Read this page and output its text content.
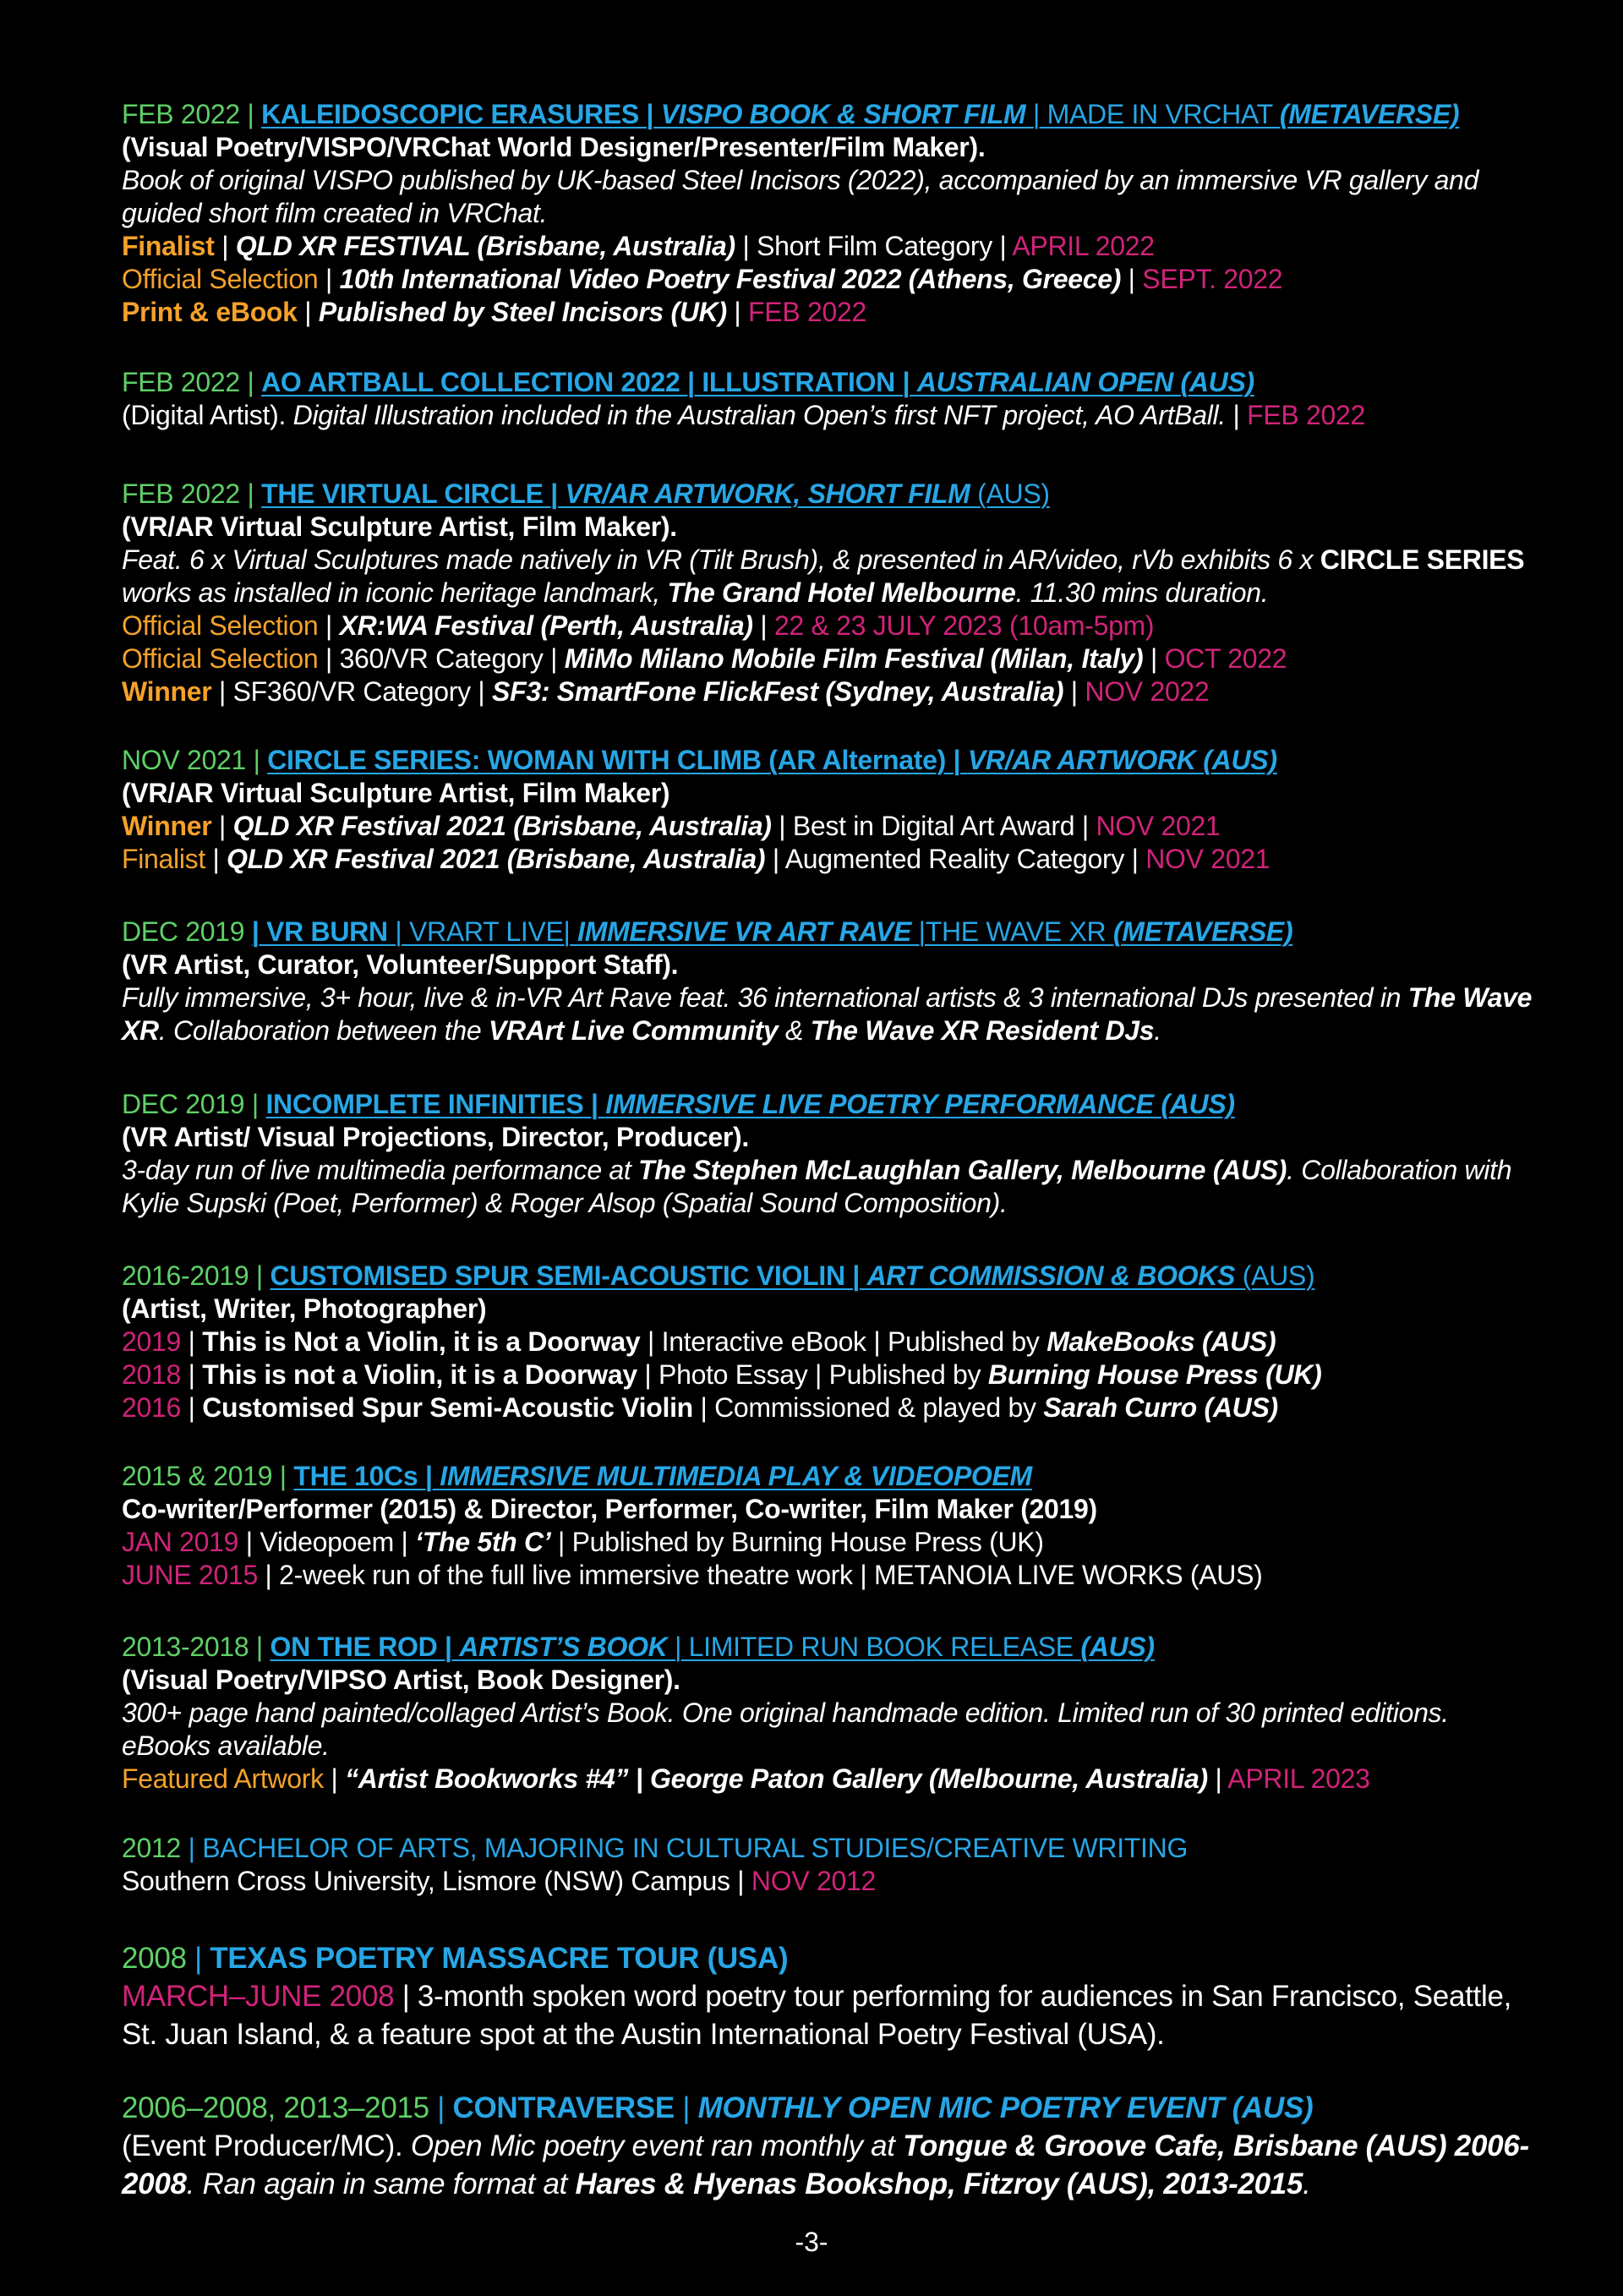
FEB 2022 | KALEIDOSCOPIC ERASURES | VISPO BOOK & SHORT FILM | MADE IN VRCHAT (METAVERSE)
(Visual Poetry/VISPO/VRChat World Designer/Presenter/Film Maker).
Book of original VISPO published by UK-based Steel Incisors (2022), accompanied by an immersive VR gallery and guided short film created in VRChat.
Finalist | QLD XR FESTIVAL (Brisbane, Australia) | Short Film Category | APRIL 2022
Official Selection | 10th International Video Poetry Festival 2022 (Athens, Greece) | SEPT. 2022
Print & eBook | Published by Steel Incisors (UK) | FEB 2022
FEB 2022 | AO ARTBALL COLLECTION 2022 | ILLUSTRATION | AUSTRALIAN OPEN (AUS)
(Digital Artist). Digital Illustration included in the Australian Open’s first NFT project, AO ArtBall. | FEB 2022
FEB 2022 | THE VIRTUAL CIRCLE | VR/AR ARTWORK, SHORT FILM (AUS)
(VR/AR Virtual Sculpture Artist, Film Maker).
Feat. 6 x Virtual Sculptures made natively in VR (Tilt Brush), & presented in AR/video, rVb exhibits 6 x CIRCLE SERIES works as installed in iconic heritage landmark, The Grand Hotel Melbourne. 11.30 mins duration.
Official Selection | XR:WA Festival (Perth, Australia) | 22 & 23 JULY 2023 (10am-5pm)
Official Selection | 360/VR Category | MiMo Milano Mobile Film Festival (Milan, Italy) | OCT 2022
Winner | SF360/VR Category | SF3: SmartFone FlickFest (Sydney, Australia) | NOV 2022
NOV 2021 | CIRCLE SERIES: WOMAN WITH CLIMB (AR Alternate) | VR/AR ARTWORK (AUS)
(VR/AR Virtual Sculpture Artist, Film Maker)
Winner | QLD XR Festival 2021 (Brisbane, Australia) | Best in Digital Art Award | NOV 2021
Finalist | QLD XR Festival 2021 (Brisbane, Australia) | Augmented Reality Category | NOV 2021
DEC 2019 | VR BURN | VRART LIVE| IMMERSIVE VR ART RAVE |THE WAVE XR (METAVERSE)
(VR Artist, Curator, Volunteer/Support Staff).
Fully immersive, 3+ hour, live & in-VR Art Rave feat. 36 international artists & 3 international DJs presented in The Wave XR. Collaboration between the VRArt Live Community & The Wave XR Resident DJs.
DEC 2019 | INCOMPLETE INFINITIES | IMMERSIVE LIVE POETRY PERFORMANCE (AUS)
(VR Artist/ Visual Projections, Director, Producer).
3-day run of live multimedia performance at The Stephen McLaughlan Gallery, Melbourne (AUS). Collaboration with Kylie Supski (Poet, Performer) & Roger Alsop (Spatial Sound Composition).
2016-2019 | CUSTOMISED SPUR SEMI-ACOUSTIC VIOLIN | ART COMMISSION & BOOKS (AUS)
(Artist, Writer, Photographer)
2019 | This is Not a Violin, it is a Doorway | Interactive eBook | Published by MakeBooks (AUS)
2018 | This is not a Violin, it is a Doorway | Photo Essay | Published by Burning House Press (UK)
2016 | Customised Spur Semi-Acoustic Violin | Commissioned & played by Sarah Curro (AUS)
2015 & 2019 | THE 10Cs | IMMERSIVE MULTIMEDIA PLAY & VIDEOPOEM
Co-writer/Performer (2015) & Director, Performer, Co-writer, Film Maker (2019)
JAN 2019 | Videopoem | ‘The 5th C’ | Published by Burning House Press (UK)
JUNE 2015 | 2-week run of the full live immersive theatre work | METANOIA LIVE WORKS (AUS)
2013-2018 | ON THE ROD | ARTIST’S BOOK | LIMITED RUN BOOK RELEASE (AUS)
(Visual Poetry/VIPSO Artist, Book Designer).
300+ page hand painted/collaged Artist’s Book. One original handmade edition. Limited run of 30 printed editions. eBooks available.
Featured Artwork | “Artist Bookworks #4” | George Paton Gallery (Melbourne, Australia) | APRIL 2023
2012 | BACHELOR OF ARTS, MAJORING IN CULTURAL STUDIES/CREATIVE WRITING
Southern Cross University, Lismore (NSW) Campus | NOV 2012
2008 | TEXAS POETRY MASSACRE TOUR (USA)
MARCH–JUNE 2008 | 3-month spoken word poetry tour performing for audiences in San Francisco, Seattle, St. Juan Island, & a feature spot at the Austin International Poetry Festival (USA).
2006–2008, 2013–2015 | CONTRAVERSE | MONTHLY OPEN MIC POETRY EVENT (AUS)
(Event Producer/MC). Open Mic poetry event ran monthly at Tongue & Groove Cafe, Brisbane (AUS) 2006-2008. Ran again in same format at Hares & Hyenas Bookshop, Fitzroy (AUS), 2013-2015.
-3-
